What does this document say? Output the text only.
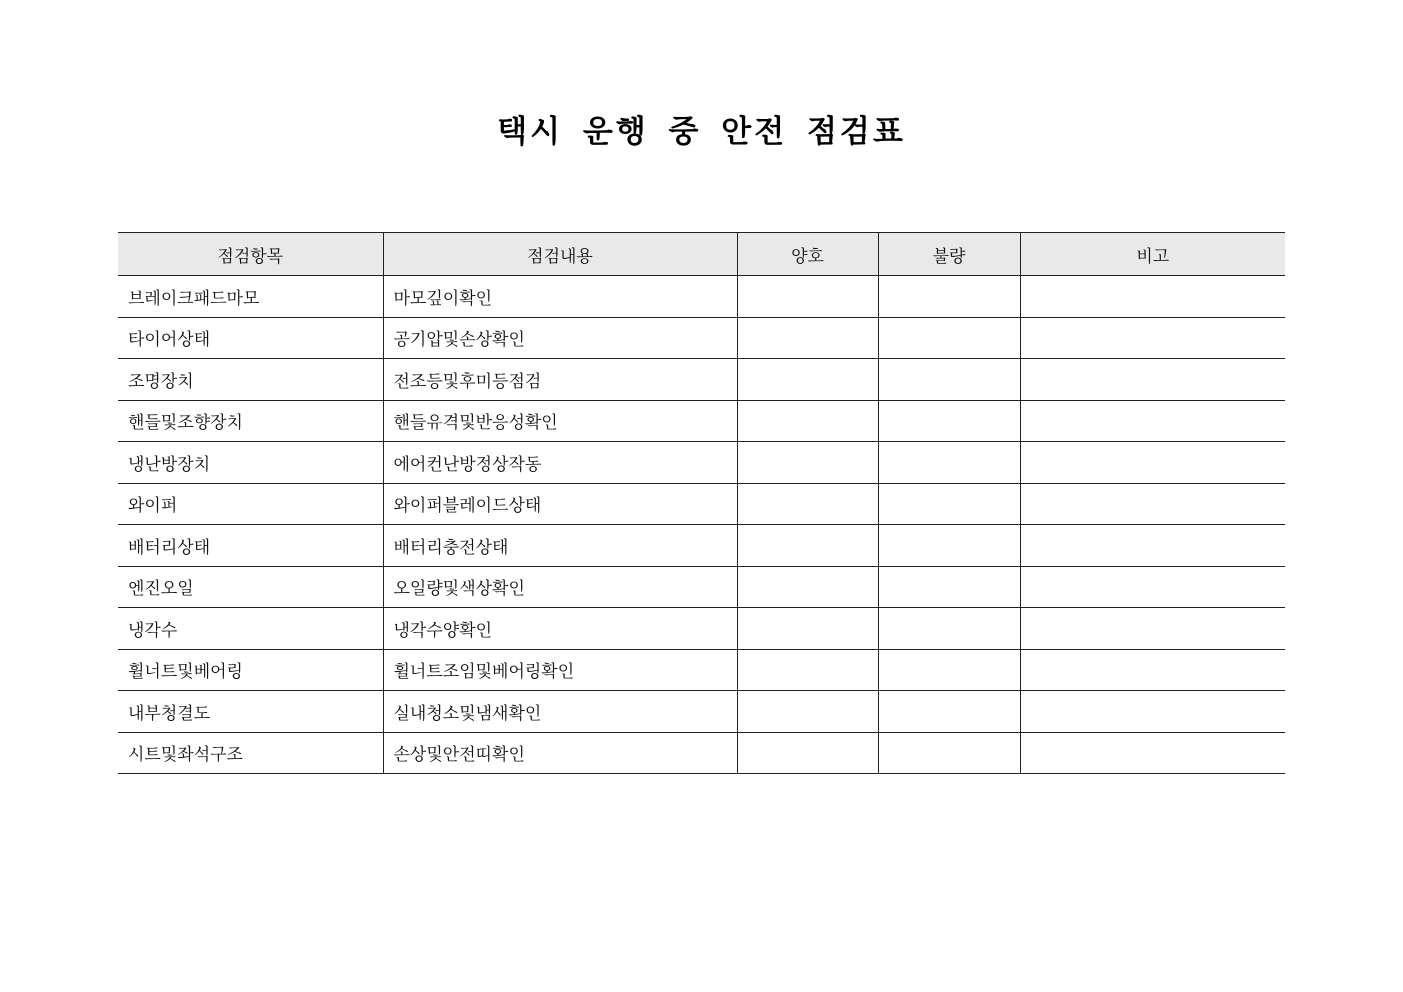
택시 운행 중 안전 점검표
점검항목	점검내용	양호	불량	비고
브레이크패드마모	마모깊이확인			
타이어상태	공기압및손상확인			
조명장치	전조등및후미등점검			
핸들및조향장치	핸들유격및반응성확인			
냉난방장치	에어컨난방정상작동			
와이퍼	와이퍼블레이드상태			
배터리상태	배터리충전상태			
엔진오일	오일량및색상확인			
냉각수	냉각수양확인			
휠너트및베어링	휠너트조임및베어링확인			
내부청결도	실내청소및냄새확인			
시트및좌석구조	손상및안전띠확인			
